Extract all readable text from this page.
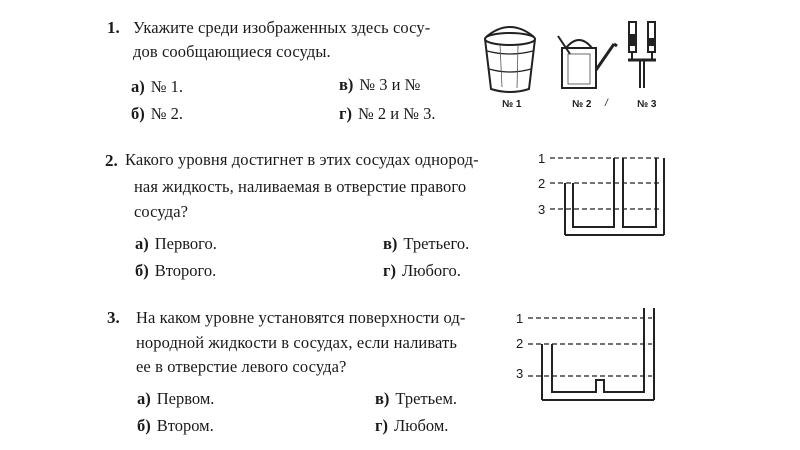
1. Укажите среди изображенных здесь сосу-
дов сообщающиеся сосуды.
а) № 1.	в) № 3 и №
б) № 2.	г) № 2 и № 3.	№ 1	№ 2 /	№ 3
2. Какого уровня достигнет в этих сосудах однород-
ная жидкость, наливаемая в отверстие правого
сосуда?
а) Первого.	в) Третьего.
б) Второго.	г) Любого.
1
2
3
3. На каком уровне установятся поверхности од-
нородной жидкости в сосудах, если наливать
ее в отверстие левого сосуда?
а) Первом.	в) Третьем.
б) Втором.	г) Любом.
1
2
3
